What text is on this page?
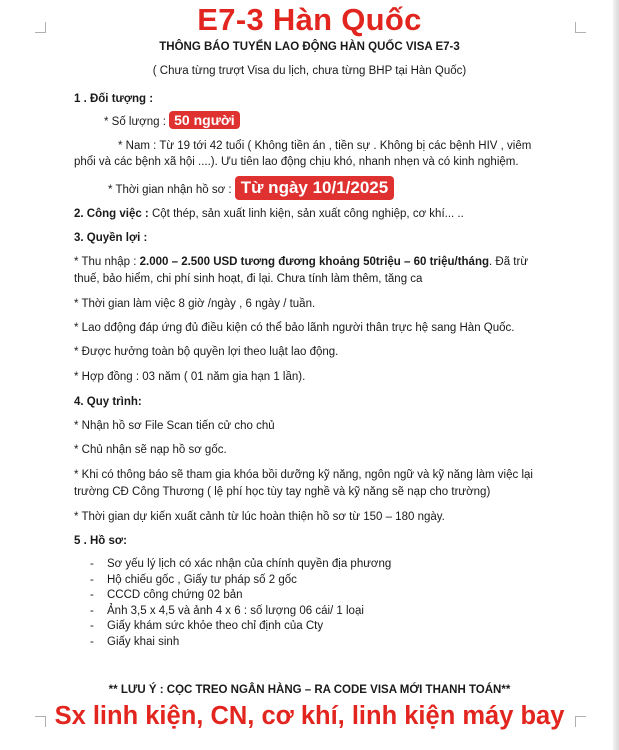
E7-3 Hàn Quốc
THÔNG BÁO TUYỂN LAO ĐỘNG HÀN QUỐC VISA E7-3
( Chưa từng trượt Visa du lịch, chưa từng BHP tại Hàn Quốc)
1 . Đối tượng :
* Số lượng : 50 người
* Nam : Từ 19 tới 42 tuổi ( Không tiền án , tiền sự . Không bị các bệnh HIV , viêm
phổi và các bệnh xã hội ....). Ưu tiên lao động chịu khó, nhanh nhẹn và có kinh nghiệm.
* Thời gian nhận hồ sơ : Từ ngày 10/1/2025
2. Công việc : Cột thép, sản xuất linh kiện, sản xuất công nghiệp, cơ khí... ..
3. Quyền lợi :
* Thu nhập : 2.000 – 2.500 USD tương đương khoảng 50triệu – 60 triệu/tháng. Đã trừ
thuế, bảo hiểm, chi phí sinh hoạt, đi lại. Chưa tính làm thêm, tăng ca
* Thời gian làm việc 8 giờ /ngày , 6 ngày / tuần.
* Lao dđộng đáp ứng đủ điều kiện có thể bảo lãnh người thân trực hệ sang Hàn Quốc.
* Được hưởng toàn bộ quyền lợi theo luật lao động.
* Hợp đồng : 03 năm ( 01 năm gia hạn 1 lần).
4. Quy trình:
* Nhận hồ sơ File Scan tiến cử cho chủ
* Chủ nhận sẽ nạp hồ sơ gốc.
* Khi có thông báo sẽ tham gia khóa bồi dưỡng kỹ năng, ngôn ngữ và kỹ năng làm việc lại
trường CĐ Công Thương ( lệ phí học tùy tay nghề và kỹ năng sẽ nạp cho trường)
* Thời gian dự kiến xuất cảnh từ lúc hoàn thiện hồ sơ từ 150 – 180 ngày.
5 . Hồ sơ:
- Sơ yếu lý lịch có xác nhận của chính quyền địa phương
- Hộ chiếu gốc , Giấy tư pháp số 2 gốc
- CCCD công chứng 02 bản
- Ảnh 3,5 x 4,5 và ảnh 4 x 6 : số lượng 06 cái/ 1 loại
- Giấy khám sức khỏe theo chỉ định của Cty
- Giấy khai sinh
** LƯU Ý : CỌC TREO NGÂN HÀNG – RA CODE VISA MỚI THANH TOÁN**
Sx linh kiện, CN, cơ khí, linh kiện máy bay
